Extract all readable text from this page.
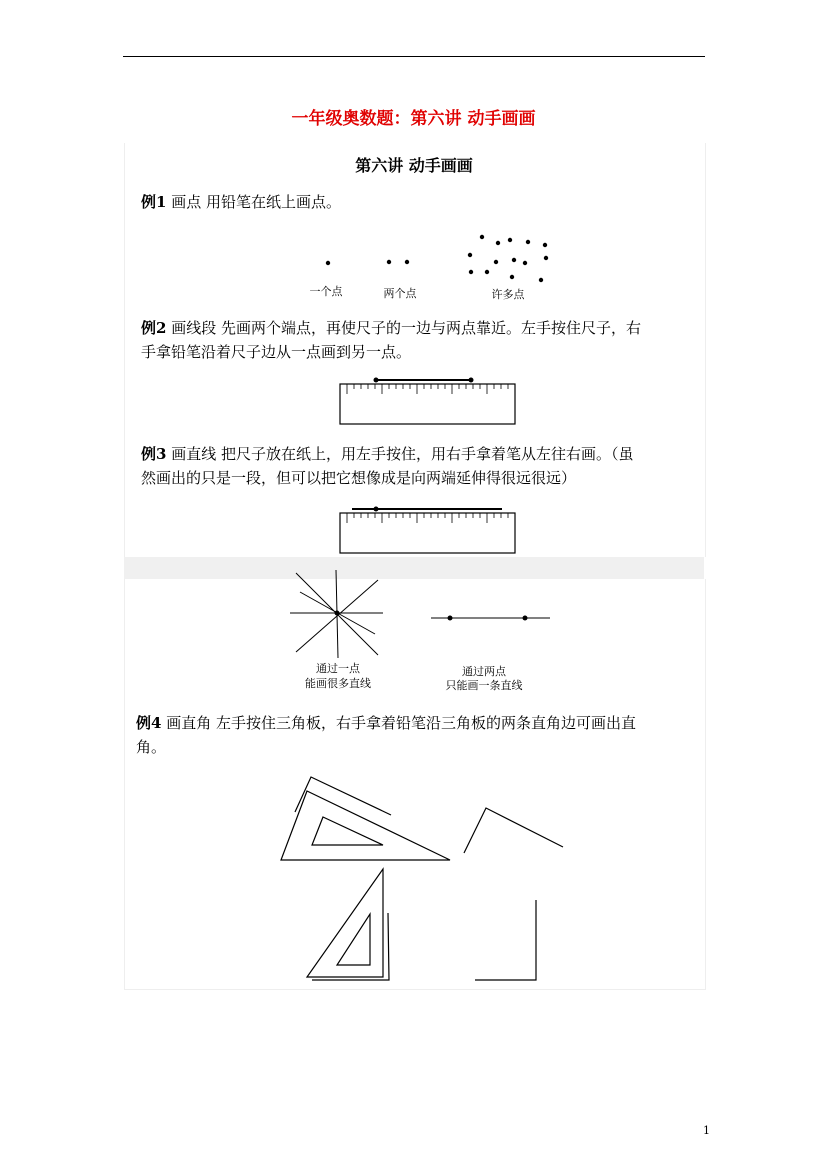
一年级奥数题：第六讲 动手画画
第六讲 动手画画
例1 画点 用铅笔在纸上画点。
一个点	两个点	许多点
例2 画线段 先画两个端点，再使尺子的一边与两点靠近。左手按住尺子，右
手拿铅笔沿着尺子边从一点画到另一点。
例3 画直线 把尺子放在纸上，用左手按住，用右手拿着笔从左往右画。（虽
然画出的只是一段，但可以把它想像成是向两端延伸得很远很远）
通过一点
能画很多直线
通过两点
只能画一条直线
例4 画直角 左手按住三角板，右手拿着铅笔沿三角板的两条直角边可画出直
角。
1
